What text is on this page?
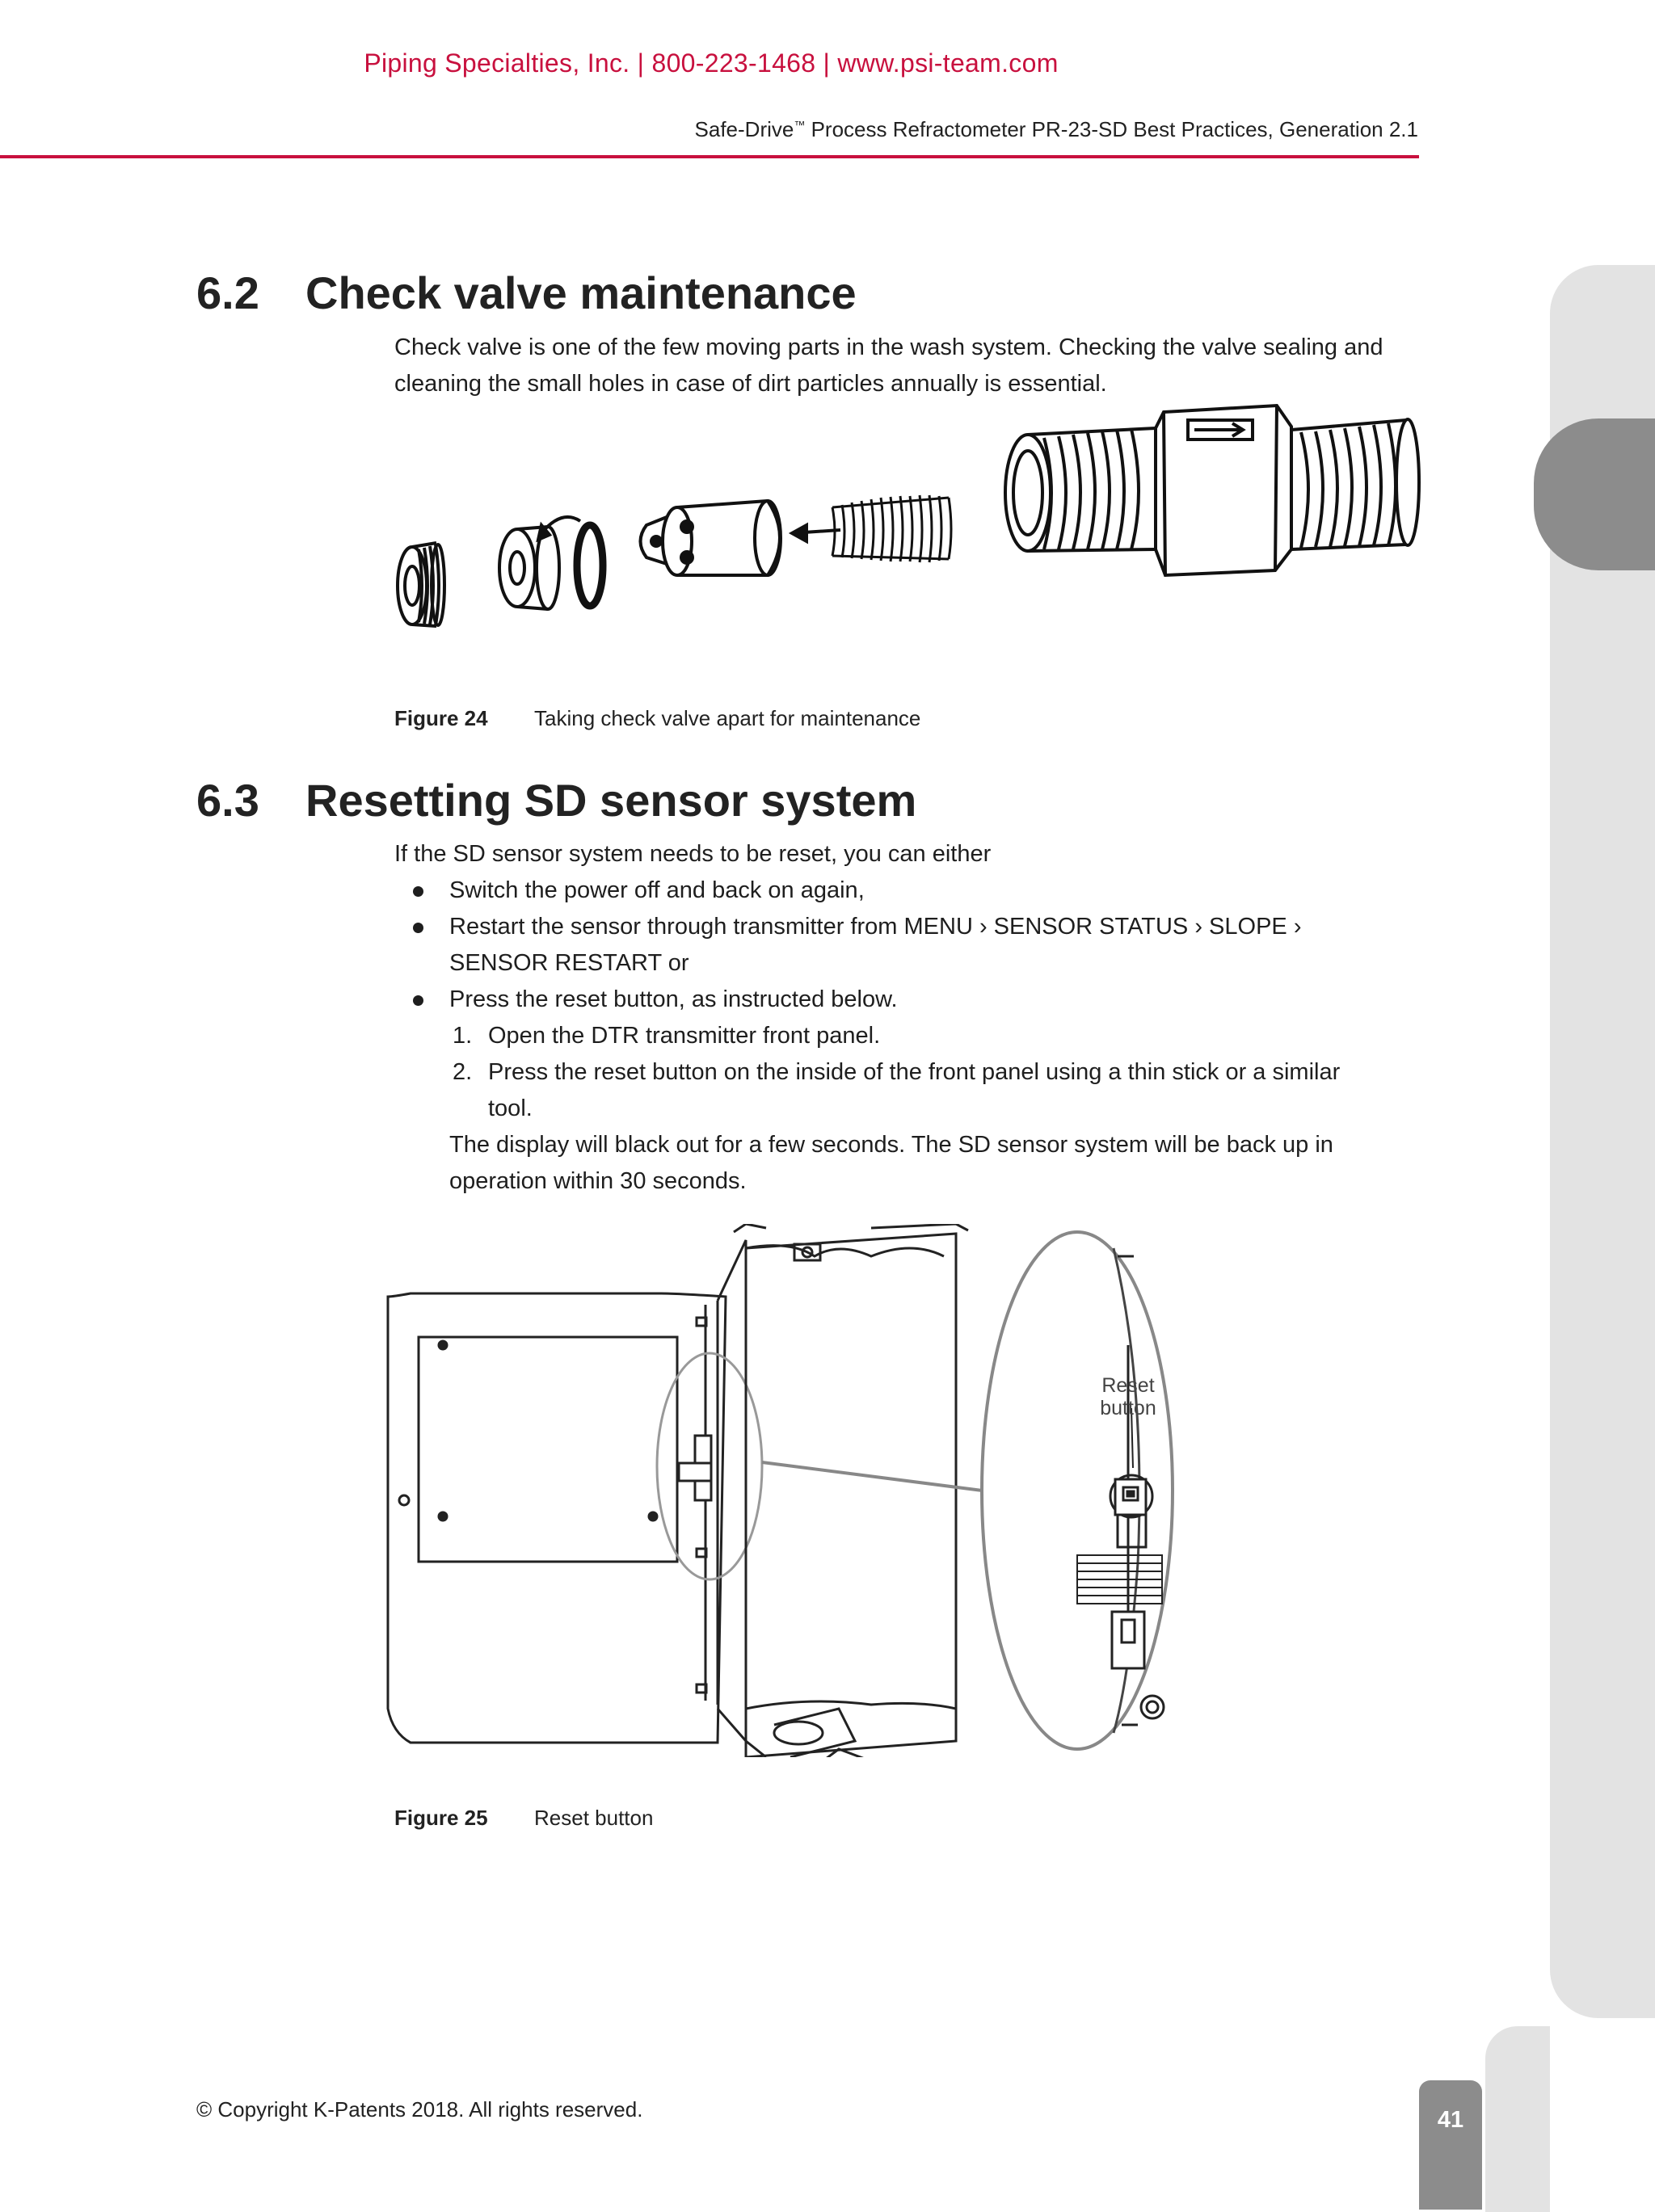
Piping Specialties, Inc. | 800-223-1468 | www.psi-team.com
Safe-Drive™ Process Refractometer PR-23-SD Best Practices, Generation 2.1
6.2 Check valve maintenance
Check valve is one of the few moving parts in the wash system. Checking the valve sealing and cleaning the small holes in case of dirt particles annually is essential.
Figure 24 Taking check valve apart for maintenance
6.3 Resetting SD sensor system
If the SD sensor system needs to be reset, you can either
Switch the power off and back on again,
Restart the sensor through transmitter from MENU › SENSOR STATUS › SLOPE › SENSOR RESTART or
Press the reset button, as instructed below.
1. Open the DTR transmitter front panel.
2. Press the reset button on the inside of the front panel using a thin stick or a similar tool.
The display will black out for a few seconds. The SD sensor system will be back up in operation within 30 seconds.
Reset
button
Figure 25 Reset button
© Copyright K-Patents 2018. All rights reserved.	41
